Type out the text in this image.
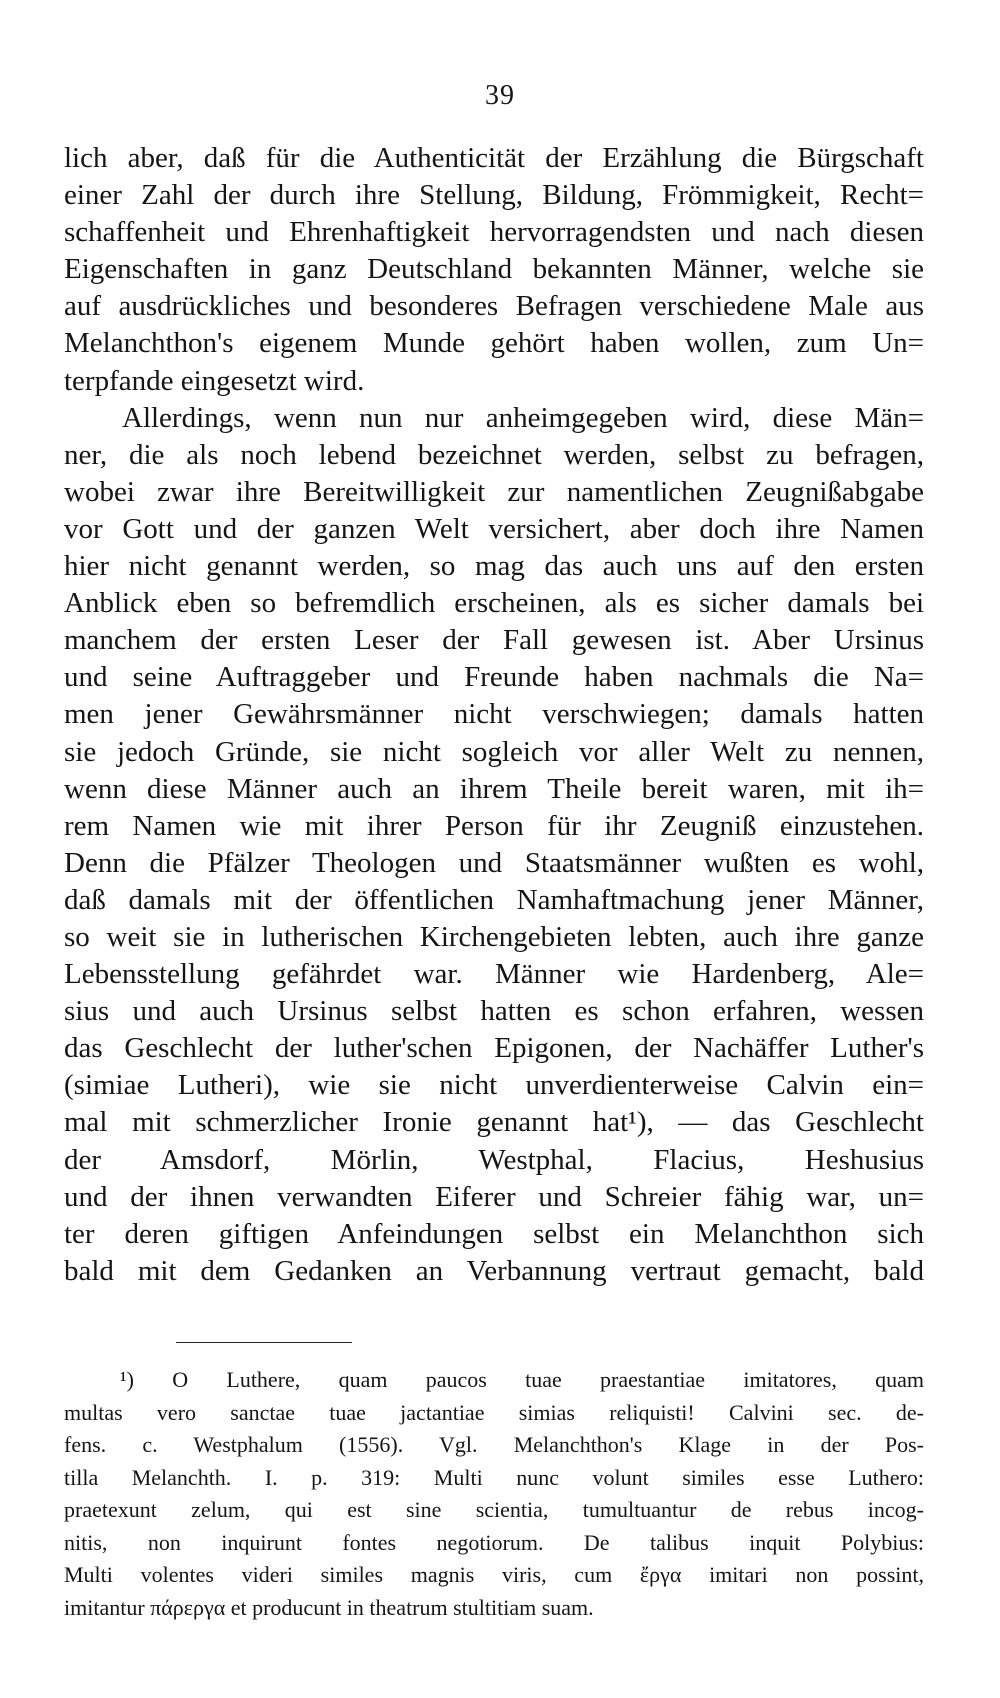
39
lich aber, daß für die Authenticität der Erzählung die Bürgschaft
einer Zahl der durch ihre Stellung, Bildung, Frömmigkeit, Recht=
schaffenheit und Ehrenhaftigkeit hervorragendsten und nach diesen
Eigenschaften in ganz Deutschland bekannten Männer, welche sie
auf ausdrückliches und besonderes Befragen verschiedene Male aus
Melanchthon's eigenem Munde gehört haben wollen, zum Un=
terpfande eingesetzt wird.
Allerdings, wenn nun nur anheimgegeben wird, diese Män=
ner, die als noch lebend bezeichnet werden, selbst zu befragen,
wobei zwar ihre Bereitwilligkeit zur namentlichen Zeugnißabgabe
vor Gott und der ganzen Welt versichert, aber doch ihre Namen
hier nicht genannt werden, so mag das auch uns auf den ersten
Anblick eben so befremdlich erscheinen, als es sicher damals bei
manchem der ersten Leser der Fall gewesen ist. Aber Ursinus
und seine Auftraggeber und Freunde haben nachmals die Na=
men jener Gewährsmänner nicht verschwiegen; damals hatten
sie jedoch Gründe, sie nicht sogleich vor aller Welt zu nennen,
wenn diese Männer auch an ihrem Theile bereit waren, mit ih=
rem Namen wie mit ihrer Person für ihr Zeugniß einzustehen.
Denn die Pfälzer Theologen und Staatsmänner wußten es wohl,
daß damals mit der öffentlichen Namhaftmachung jener Männer,
so weit sie in lutherischen Kirchengebieten lebten, auch ihre ganze
Lebensstellung gefährdet war. Männer wie Hardenberg, Ale=
sius und auch Ursinus selbst hatten es schon erfahren, wessen
das Geschlecht der luther'schen Epigonen, der Nachäffer Luther's
(simiae Lutheri), wie sie nicht unverdienterweise Calvin ein=
mal mit schmerzlicher Ironie genannt hat¹), — das Geschlecht
der Amsdorf, Mörlin, Westphal, Flacius, Heshusius
und der ihnen verwandten Eiferer und Schreier fähig war, un=
ter deren giftigen Anfeindungen selbst ein Melanchthon sich
bald mit dem Gedanken an Verbannung vertraut gemacht, bald
¹) O Luthere, quam paucos tuae praestantiae imitatores, quam
multas vero sanctae tuae jactantiae simias reliquisti! Calvini sec. de-
fens. c. Westphalum (1556). Vgl. Melanchthon's Klage in der Pos-
tilla Melanchth. I. p. 319: Multi nunc volunt similes esse Luthero:
praetexunt zelum, qui est sine scientia, tumultuantur de rebus incog-
nitis, non inquirunt fontes negotiorum. De talibus inquit Polybius:
Multi volentes videri similes magnis viris, cum ἔργα imitari non possint,
imitantur πάρεργα et producunt in theatrum stultitiam suam.
